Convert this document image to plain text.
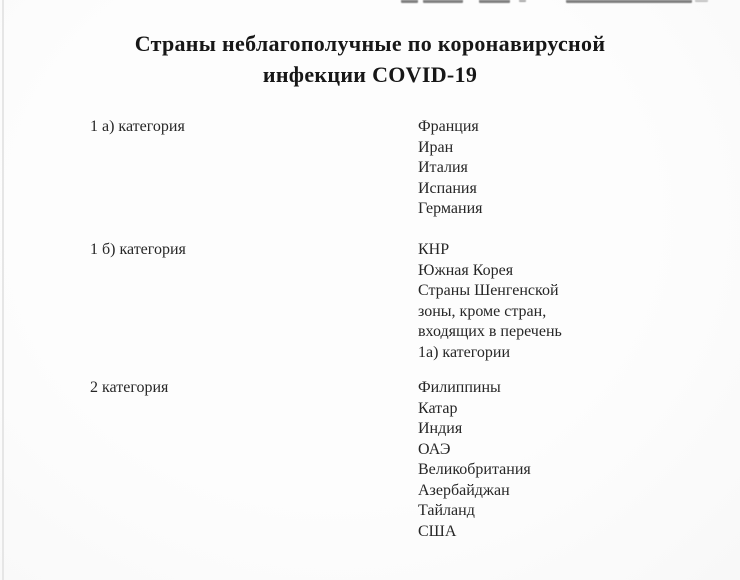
Страны неблагополучные по коронавирусной
инфекции COVID-19
1 а) категория	Франция
Иран
Италия
Испания
Германия
1 б) категория	КНР
Южная Корея
Страны Шенгенской
зоны, кроме стран,
входящих в перечень
1а) категории
2 категория	Филиппины
Катар
Индия
ОАЭ
Великобритания
Азербайджан
Тайланд
США
